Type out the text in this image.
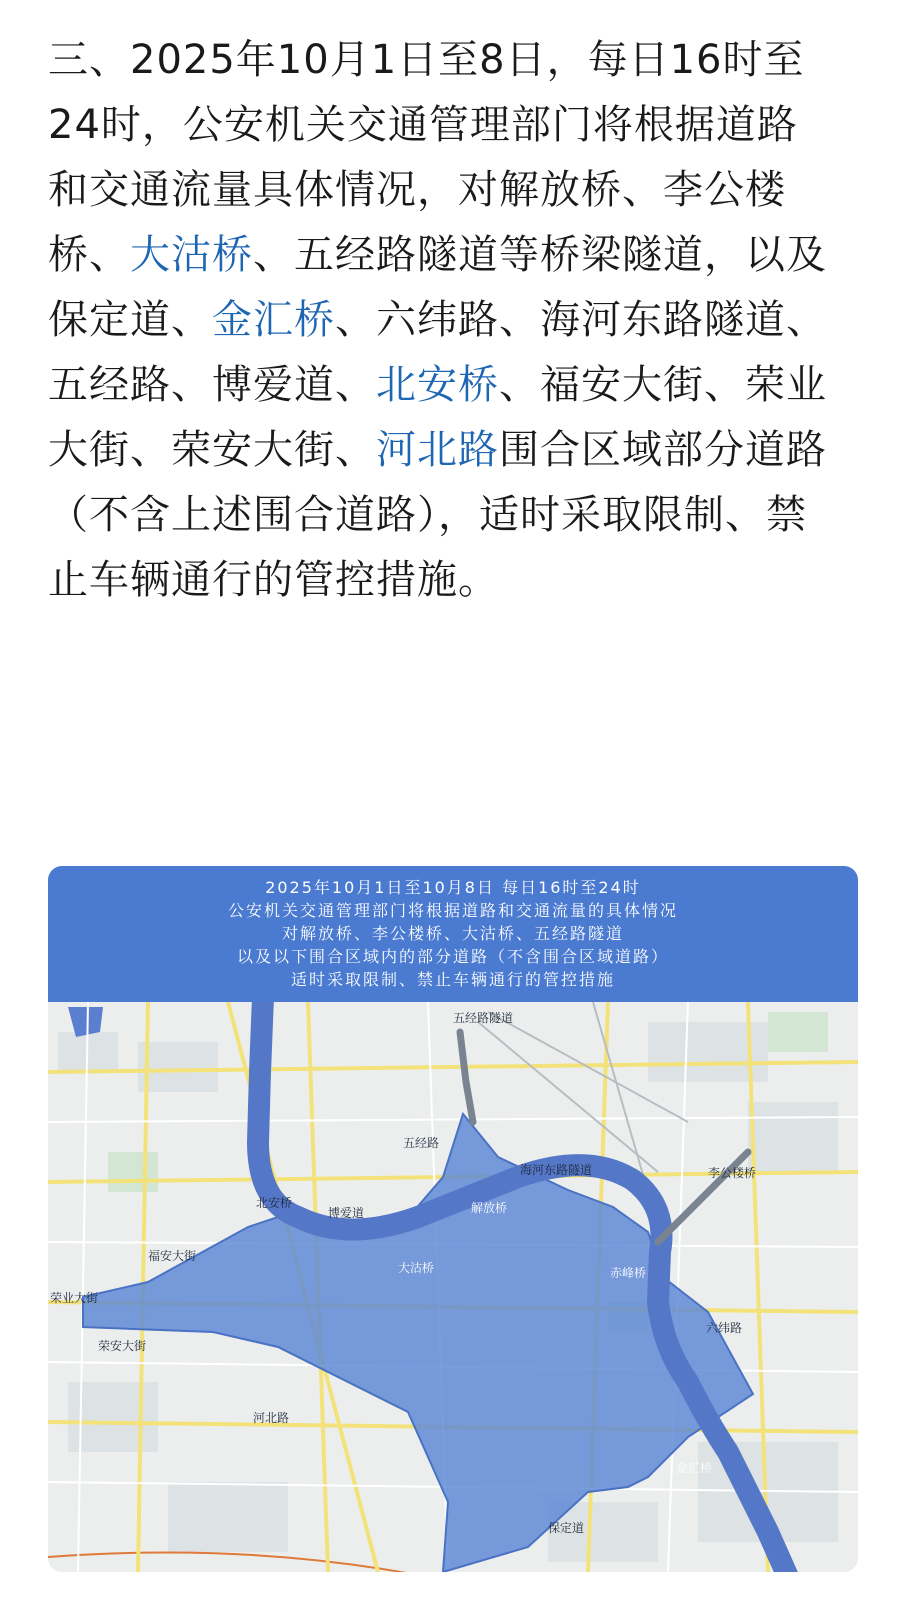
三、2025年10月1日至8日，每日16时至24时，公安机关交通管理部门将根据道路和交通流量具体情况，对解放桥、李公楼桥、大沽桥、五经路隧道等桥梁隧道，以及保定道、金汇桥、六纬路、海河东路隧道、五经路、博爱道、北安桥、福安大街、荣业大街、荣安大街、河北路围合区域部分道路（不含上述围合道路），适时采取限制、禁止车辆通行的管控措施。
2025年10月1日至10月8日 每日16时至24时
公安机关交通管理部门将根据道路和交通流量的具体情况
对解放桥、李公楼桥、大沽桥、五经路隧道
以及以下围合区域内的部分道路（不含围合区域道路）
适时采取限制、禁止车辆通行的管控措施
五经路隧道
五经路
海河东路隧道	李公楼桥
北安桥
博爱道	解放桥
福安大街
大沽桥	赤峰桥
荣业大街
荣安大街
六纬路
河北路
金汇桥
保定道
